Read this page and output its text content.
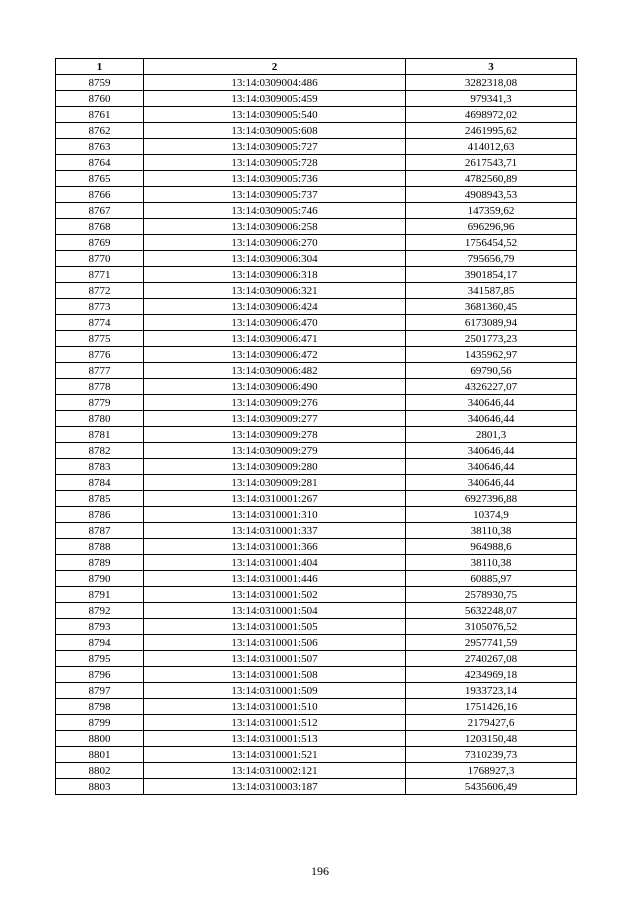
1	2	3
8759	13:14:0309004:486	3282318,08
8760	13:14:0309005:459	979341,3
8761	13:14:0309005:540	4698972,02
8762	13:14:0309005:608	2461995,62
8763	13:14:0309005:727	414012,63
8764	13:14:0309005:728	2617543,71
8765	13:14:0309005:736	4782560,89
8766	13:14:0309005:737	4908943,53
8767	13:14:0309005:746	147359,62
8768	13:14:0309006:258	696296,96
8769	13:14:0309006:270	1756454,52
8770	13:14:0309006:304	795656,79
8771	13:14:0309006:318	3901854,17
8772	13:14:0309006:321	341587,85
8773	13:14:0309006:424	3681360,45
8774	13:14:0309006:470	6173089,94
8775	13:14:0309006:471	2501773,23
8776	13:14:0309006:472	1435962,97
8777	13:14:0309006:482	69790,56
8778	13:14:0309006:490	4326227,07
8779	13:14:0309009:276	340646,44
8780	13:14:0309009:277	340646,44
8781	13:14:0309009:278	2801,3
8782	13:14:0309009:279	340646,44
8783	13:14:0309009:280	340646,44
8784	13:14:0309009:281	340646,44
8785	13:14:0310001:267	6927396,88
8786	13:14:0310001:310	10374,9
8787	13:14:0310001:337	38110,38
8788	13:14:0310001:366	964988,6
8789	13:14:0310001:404	38110,38
8790	13:14:0310001:446	60885,97
8791	13:14:0310001:502	2578930,75
8792	13:14:0310001:504	5632248,07
8793	13:14:0310001:505	3105076,52
8794	13:14:0310001:506	2957741,59
8795	13:14:0310001:507	2740267,08
8796	13:14:0310001:508	4234969,18
8797	13:14:0310001:509	1933723,14
8798	13:14:0310001:510	1751426,16
8799	13:14:0310001:512	2179427,6
8800	13:14:0310001:513	1203150,48
8801	13:14:0310001:521	7310239,73
8802	13:14:0310002:121	1768927,3
8803	13:14:0310003:187	5435606,49
196
